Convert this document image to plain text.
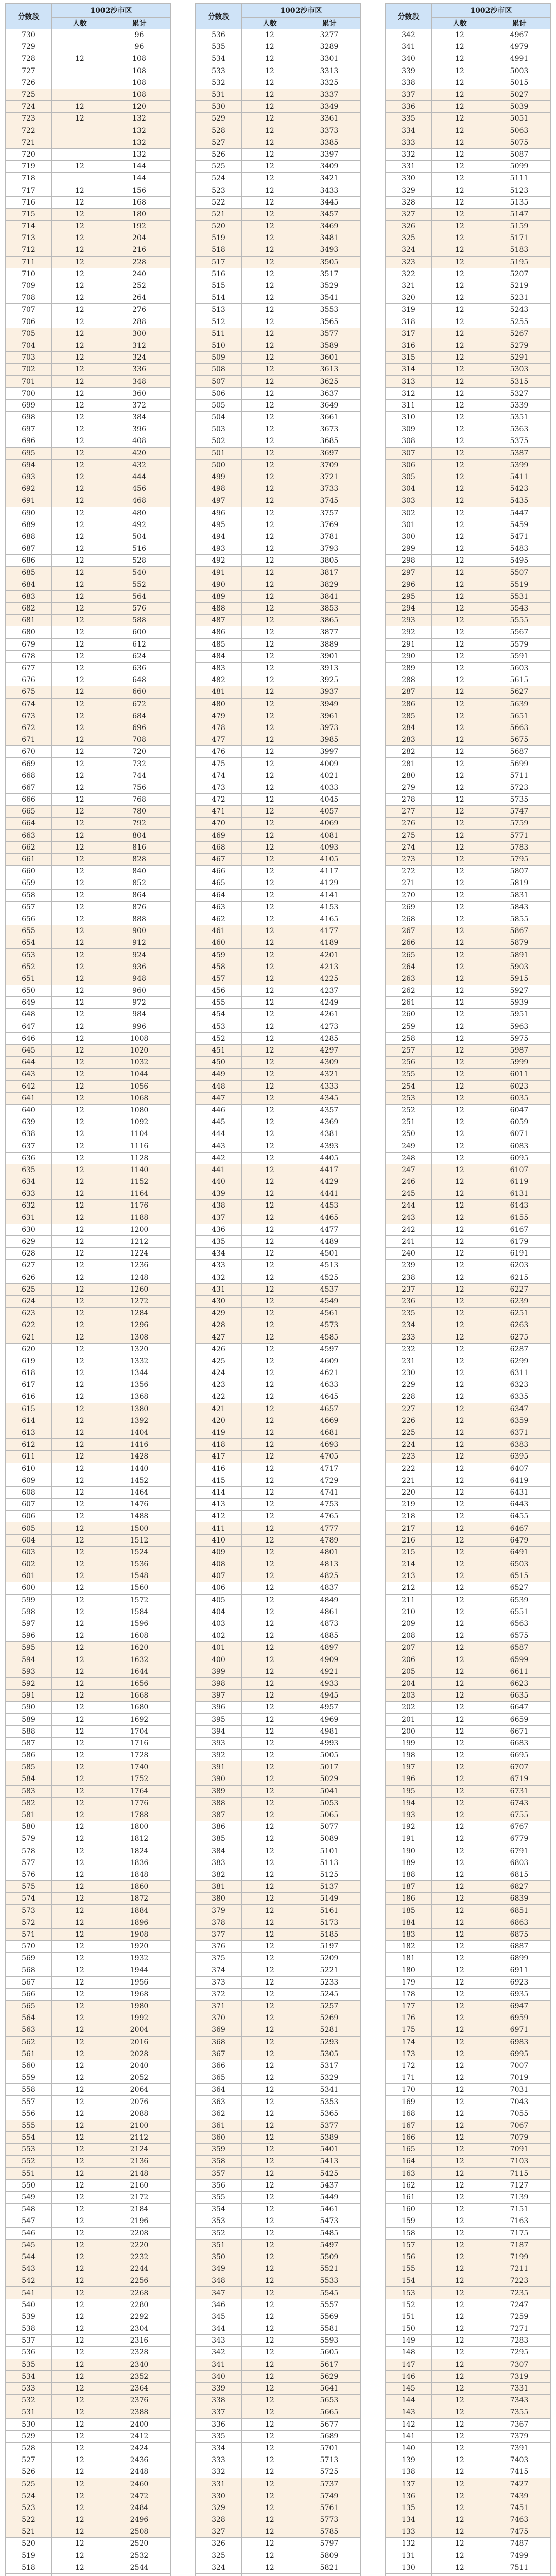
分数段	1002沙市区	
	人数	累计
730		96
729		96
728	12	108
727		108
726		108
725		108
724	12	120
723	12	132
722		132
721		132
720		132
719	12	144
718		144
717	12	156
716	12	168
715	12	180
714	12	192
713	12	204
712	12	216
711	12	228
710	12	240
709	12	252
708	12	264
707	12	276
706	12	288
705	12	300
704	12	312
703	12	324
702	12	336
701	12	348
700	12	360
699	12	372
698	12	384
697	12	396
696	12	408
695	12	420
694	12	432
693	12	444
692	12	456
691	12	468
690	12	480
689	12	492
688	12	504
687	12	516
686	12	528
685	12	540
684	12	552
683	12	564
682	12	576
681	12	588
680	12	600
679	12	612
678	12	624
677	12	636
676	12	648
675	12	660
674	12	672
673	12	684
672	12	696
671	12	708
670	12	720
669	12	732
668	12	744
667	12	756
666	12	768
665	12	780
664	12	792
663	12	804
662	12	816
661	12	828
660	12	840
659	12	852
658	12	864
657	12	876
656	12	888
655	12	900
654	12	912
653	12	924
652	12	936
651	12	948
650	12	960
649	12	972
648	12	984
647	12	996
646	12	1008
645	12	1020
644	12	1032
643	12	1044
642	12	1056
641	12	1068
640	12	1080
639	12	1092
638	12	1104
637	12	1116
636	12	1128
635	12	1140
634	12	1152
633	12	1164
632	12	1176
631	12	1188
630	12	1200
629	12	1212
628	12	1224
627	12	1236
626	12	1248
625	12	1260
624	12	1272
623	12	1284
622	12	1296
621	12	1308
620	12	1320
619	12	1332
618	12	1344
617	12	1356
616	12	1368
615	12	1380
614	12	1392
613	12	1404
612	12	1416
611	12	1428
610	12	1440
609	12	1452
608	12	1464
607	12	1476
606	12	1488
605	12	1500
604	12	1512
603	12	1524
602	12	1536
601	12	1548
600	12	1560
599	12	1572
598	12	1584
597	12	1596
596	12	1608
595	12	1620
594	12	1632
593	12	1644
592	12	1656
591	12	1668
590	12	1680
589	12	1692
588	12	1704
587	12	1716
586	12	1728
585	12	1740
584	12	1752
583	12	1764
582	12	1776
581	12	1788
580	12	1800
579	12	1812
578	12	1824
577	12	1836
576	12	1848
575	12	1860
574	12	1872
573	12	1884
572	12	1896
571	12	1908
570	12	1920
569	12	1932
568	12	1944
567	12	1956
566	12	1968
565	12	1980
564	12	1992
563	12	2004
562	12	2016
561	12	2028
560	12	2040
559	12	2052
558	12	2064
557	12	2076
556	12	2088
555	12	2100
554	12	2112
553	12	2124
552	12	2136
551	12	2148
550	12	2160
549	12	2172
548	12	2184
547	12	2196
546	12	2208
545	12	2220
544	12	2232
543	12	2244
542	12	2256
541	12	2268
540	12	2280
539	12	2292
538	12	2304
537	12	2316
536	12	2328
535	12	2340
534	12	2352
533	12	2364
532	12	2376
531	12	2388
530	12	2400
529	12	2412
528	12	2424
527	12	2436
526	12	2448
525	12	2460
524	12	2472
523	12	2484
522	12	2496
521	12	2508
520	12	2520
519	12	2532
518	12	2544

分数段	1002沙市区	
	人数	累计
536	12	3277
535	12	3289
534	12	3301
533	12	3313
532	12	3325
531	12	3337
530	12	3349
529	12	3361
528	12	3373
527	12	3385
526	12	3397
525	12	3409
524	12	3421
523	12	3433
522	12	3445
521	12	3457
520	12	3469
519	12	3481
518	12	3493
517	12	3505
516	12	3517
515	12	3529
514	12	3541
513	12	3553
512	12	3565
511	12	3577
510	12	3589
509	12	3601
508	12	3613
507	12	3625
506	12	3637
505	12	3649
504	12	3661
503	12	3673
502	12	3685
501	12	3697
500	12	3709
499	12	3721
498	12	3733
497	12	3745
496	12	3757
495	12	3769
494	12	3781
493	12	3793
492	12	3805
491	12	3817
490	12	3829
489	12	3841
488	12	3853
487	12	3865
486	12	3877
485	12	3889
484	12	3901
483	12	3913
482	12	3925
481	12	3937
480	12	3949
479	12	3961
478	12	3973
477	12	3985
476	12	3997
475	12	4009
474	12	4021
473	12	4033
472	12	4045
471	12	4057
470	12	4069
469	12	4081
468	12	4093
467	12	4105
466	12	4117
465	12	4129
464	12	4141
463	12	4153
462	12	4165
461	12	4177
460	12	4189
459	12	4201
458	12	4213
457	12	4225
456	12	4237
455	12	4249
454	12	4261
453	12	4273
452	12	4285
451	12	4297
450	12	4309
449	12	4321
448	12	4333
447	12	4345
446	12	4357
445	12	4369
444	12	4381
443	12	4393
442	12	4405
441	12	4417
440	12	4429
439	12	4441
438	12	4453
437	12	4465
436	12	4477
435	12	4489
434	12	4501
433	12	4513
432	12	4525
431	12	4537
430	12	4549
429	12	4561
428	12	4573
427	12	4585
426	12	4597
425	12	4609
424	12	4621
423	12	4633
422	12	4645
421	12	4657
420	12	4669
419	12	4681
418	12	4693
417	12	4705
416	12	4717
415	12	4729
414	12	4741
413	12	4753
412	12	4765
411	12	4777
410	12	4789
409	12	4801
408	12	4813
407	12	4825
406	12	4837
405	12	4849
404	12	4861
403	12	4873
402	12	4885
401	12	4897
400	12	4909
399	12	4921
398	12	4933
397	12	4945
396	12	4957
395	12	4969
394	12	4981
393	12	4993
392	12	5005
391	12	5017
390	12	5029
389	12	5041
388	12	5053
387	12	5065
386	12	5077
385	12	5089
384	12	5101
383	12	5113
382	12	5125
381	12	5137
380	12	5149
379	12	5161
378	12	5173
377	12	5185
376	12	5197
375	12	5209
374	12	5221
373	12	5233
372	12	5245
371	12	5257
370	12	5269
369	12	5281
368	12	5293
367	12	5305
366	12	5317
365	12	5329
364	12	5341
363	12	5353
362	12	5365
361	12	5377
360	12	5389
359	12	5401
358	12	5413
357	12	5425
356	12	5437
355	12	5449
354	12	5461
353	12	5473
352	12	5485
351	12	5497
350	12	5509
349	12	5521
348	12	5533
347	12	5545
346	12	5557
345	12	5569
344	12	5581
343	12	5593
342	12	5605
341	12	5617
340	12	5629
339	12	5641
338	12	5653
337	12	5665
336	12	5677
335	12	5689
334	12	5701
333	12	5713
332	12	5725
331	12	5737
330	12	5749
329	12	5761
328	12	5773
327	12	5785
326	12	5797
325	12	5809
324	12	5821

分数段	1002沙市区	
	人数	累计
342	12	4967
341	12	4979
340	12	4991
339	12	5003
338	12	5015
337	12	5027
336	12	5039
335	12	5051
334	12	5063
333	12	5075
332	12	5087
331	12	5099
330	12	5111
329	12	5123
328	12	5135
327	12	5147
326	12	5159
325	12	5171
324	12	5183
323	12	5195
322	12	5207
321	12	5219
320	12	5231
319	12	5243
318	12	5255
317	12	5267
316	12	5279
315	12	5291
314	12	5303
313	12	5315
312	12	5327
311	12	5339
310	12	5351
309	12	5363
308	12	5375
307	12	5387
306	12	5399
305	12	5411
304	12	5423
303	12	5435
302	12	5447
301	12	5459
300	12	5471
299	12	5483
298	12	5495
297	12	5507
296	12	5519
295	12	5531
294	12	5543
293	12	5555
292	12	5567
291	12	5579
290	12	5591
289	12	5603
288	12	5615
287	12	5627
286	12	5639
285	12	5651
284	12	5663
283	12	5675
282	12	5687
281	12	5699
280	12	5711
279	12	5723
278	12	5735
277	12	5747
276	12	5759
275	12	5771
274	12	5783
273	12	5795
272	12	5807
271	12	5819
270	12	5831
269	12	5843
268	12	5855
267	12	5867
266	12	5879
265	12	5891
264	12	5903
263	12	5915
262	12	5927
261	12	5939
260	12	5951
259	12	5963
258	12	5975
257	12	5987
256	12	5999
255	12	6011
254	12	6023
253	12	6035
252	12	6047
251	12	6059
250	12	6071
249	12	6083
248	12	6095
247	12	6107
246	12	6119
245	12	6131
244	12	6143
243	12	6155
242	12	6167
241	12	6179
240	12	6191
239	12	6203
238	12	6215
237	12	6227
236	12	6239
235	12	6251
234	12	6263
233	12	6275
232	12	6287
231	12	6299
230	12	6311
229	12	6323
228	12	6335
227	12	6347
226	12	6359
225	12	6371
224	12	6383
223	12	6395
222	12	6407
221	12	6419
220	12	6431
219	12	6443
218	12	6455
217	12	6467
216	12	6479
215	12	6491
214	12	6503
213	12	6515
212	12	6527
211	12	6539
210	12	6551
209	12	6563
208	12	6575
207	12	6587
206	12	6599
205	12	6611
204	12	6623
203	12	6635
202	12	6647
201	12	6659
200	12	6671
199	12	6683
198	12	6695
197	12	6707
196	12	6719
195	12	6731
194	12	6743
193	12	6755
192	12	6767
191	12	6779
190	12	6791
189	12	6803
188	12	6815
187	12	6827
186	12	6839
185	12	6851
184	12	6863
183	12	6875
182	12	6887
181	12	6899
180	12	6911
179	12	6923
178	12	6935
177	12	6947
176	12	6959
175	12	6971
174	12	6983
173	12	6995
172	12	7007
171	12	7019
170	12	7031
169	12	7043
168	12	7055
167	12	7067
166	12	7079
165	12	7091
164	12	7103
163	12	7115
162	12	7127
161	12	7139
160	12	7151
159	12	7163
158	12	7175
157	12	7187
156	12	7199
155	12	7211
154	12	7223
153	12	7235
152	12	7247
151	12	7259
150	12	7271
149	12	7283
148	12	7295
147	12	7307
146	12	7319
145	12	7331
144	12	7343
143	12	7355
142	12	7367
141	12	7379
140	12	7391
139	12	7403
138	12	7415
137	12	7427
136	12	7439
135	12	7451
134	12	7463
133	12	7475
132	12	7487
131	12	7499
130	12	7511
